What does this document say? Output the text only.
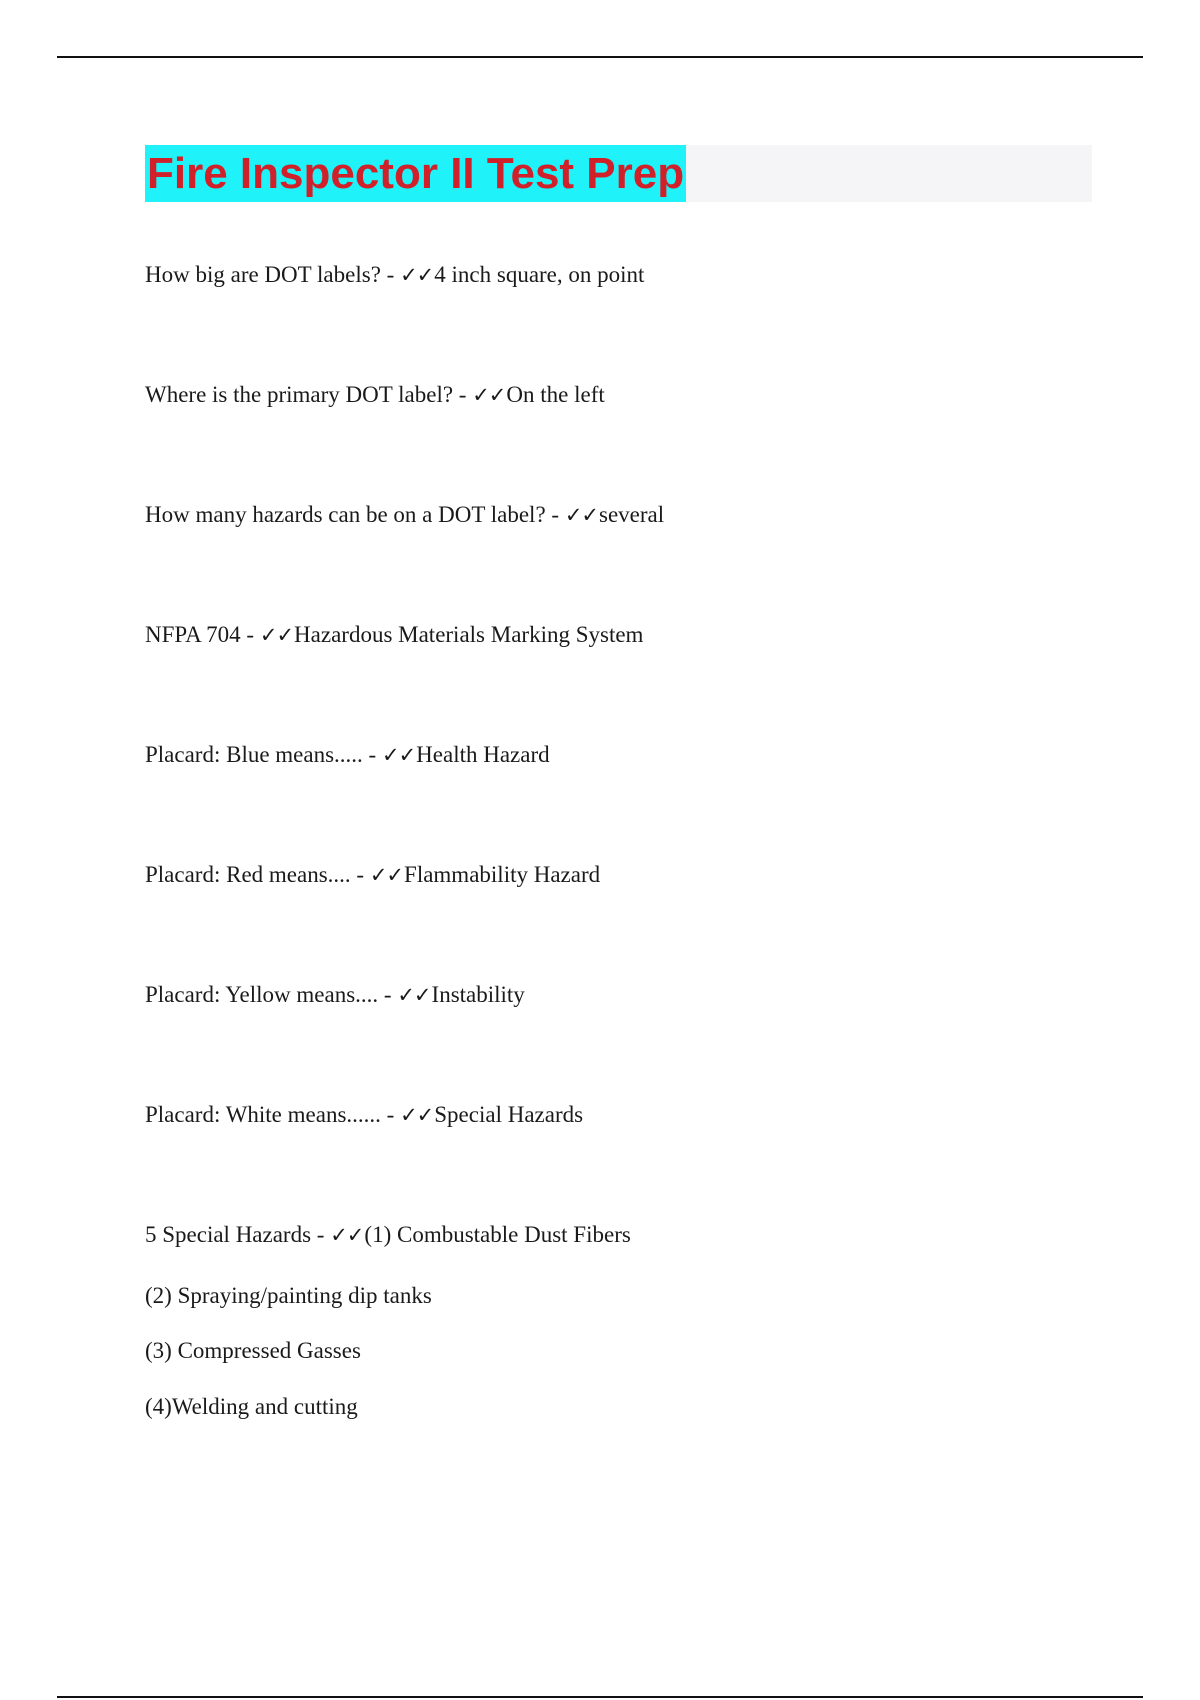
Fire Inspector II Test Prep
How big are DOT labels? - ✓✓4 inch square, on point
Where is the primary DOT label? - ✓✓On the left
How many hazards can be on a DOT label? - ✓✓several
NFPA 704 - ✓✓Hazardous Materials Marking System
Placard: Blue means..... - ✓✓Health Hazard
Placard: Red means.... - ✓✓Flammability Hazard
Placard: Yellow means.... - ✓✓Instability
Placard: White means...... - ✓✓Special Hazards
5 Special Hazards - ✓✓(1) Combustable Dust Fibers
(2) Spraying/painting dip tanks
(3) Compressed Gasses
(4)Welding and cutting
